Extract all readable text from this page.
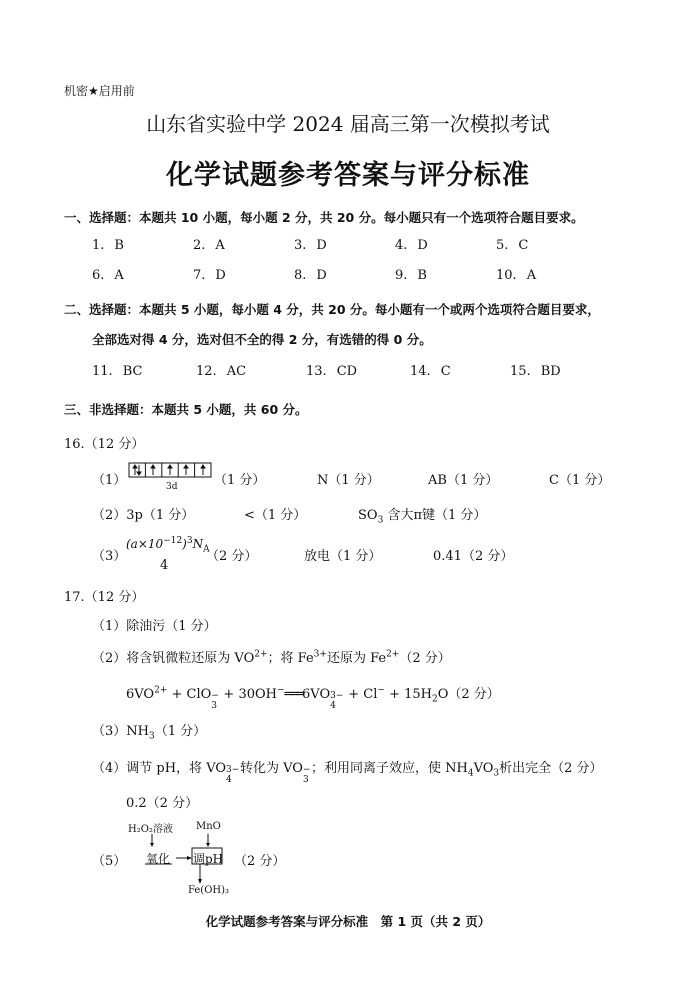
机密★启用前
山东省实验中学 2024 届高三第一次模拟考试
化学试题参考答案与评分标准
一、选择题：本题共 10 小题，每小题 2 分，共 20 分。每小题只有一个选项符合题目要求。
1. B	2. A	3. D	4. D	5. C
6. A	7. D	8. D	9. B	10. A
二、选择题：本题共 5 小题，每小题 4 分，共 20 分。每小题有一个或两个选项符合题目要求，
全部选对得 4 分，选对但不全的得 2 分，有选错的得 0 分。
11. BC	12. AC	13. CD	14. C	15. BD
三、非选择题：本题共 5 小题，共 60 分。
16.（12 分）
（1）	3d	（1 分）	N（1 分）	AB（1 分）	C（1 分）
（2）3p（1 分）	<（1 分）	$SO_3$ 含大π键（1 分）
（3）
$(a\times 10^{-12})^3N_A$
4
（2 分）	放电（1 分）	0.41（2 分）
17.（12 分）
（1）除油污（1 分）
（2）将含钒微粒还原为 $VO^{2+}$；将 $Fe^{3+}$还原为 $Fe^{2+}(2$ 分）
$6VO^{2+}$ + ClO −
3
+ 30OH−═══6VO 3−
4
+ $Cl^- + 15H_2O(2$ 分）
$(3)NH_3(1$ 分）
（4）调节 pH，将 VO 3−
4
转化为 VO −
3
；利用同离子效应，使 $NH_4VO_3$析出完全（2 分）
0.2（2 分）
（5）
H₂O₂溶液 MnO
氧化 调pH
Fe(OH)₃
（2 分）
化学试题参考答案与评分标准　第 1 页（共 2 页）
